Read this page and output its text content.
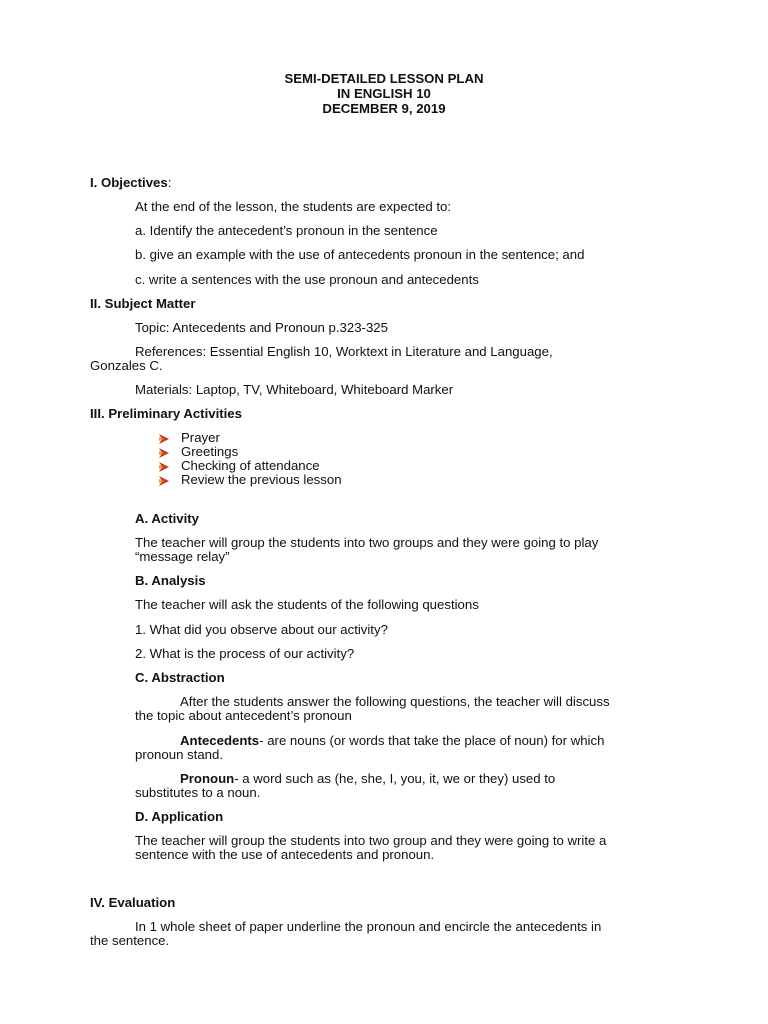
SEMI-DETAILED LESSON PLAN
IN ENGLISH 10
DECEMBER 9, 2019
I. Objectives:
At the end of the lesson, the students are expected to:
a. Identify the antecedent’s pronoun in the sentence
b. give an example with the use of antecedents pronoun in the sentence; and
c. write a sentences with the use pronoun and antecedents
II. Subject Matter
Topic: Antecedents and Pronoun p.323-325
References: Essential English 10, Worktext in Literature and Language,
Gonzales C.
Materials: Laptop, TV, Whiteboard, Whiteboard Marker
III. Preliminary Activities
Prayer
Greetings
Checking of attendance
Review the previous lesson
A. Activity
The teacher will group the students into two groups and they were going to play
“message relay”
B. Analysis
The teacher will ask the students of the following questions
1. What did you observe about our activity?
2. What is the process of our activity?
C. Abstraction
After the students answer the following questions, the teacher will discuss
the topic about antecedent’s pronoun
Antecedents- are nouns (or words that take the place of noun) for which
pronoun stand.
Pronoun- a word such as (he, she, I, you, it, we or they) used to
substitutes to a noun.
D. Application
The teacher will group the students into two group and they were going to write a
sentence with the use of antecedents and pronoun.
IV. Evaluation
In 1 whole sheet of paper underline the pronoun and encircle the antecedents in
the sentence.
